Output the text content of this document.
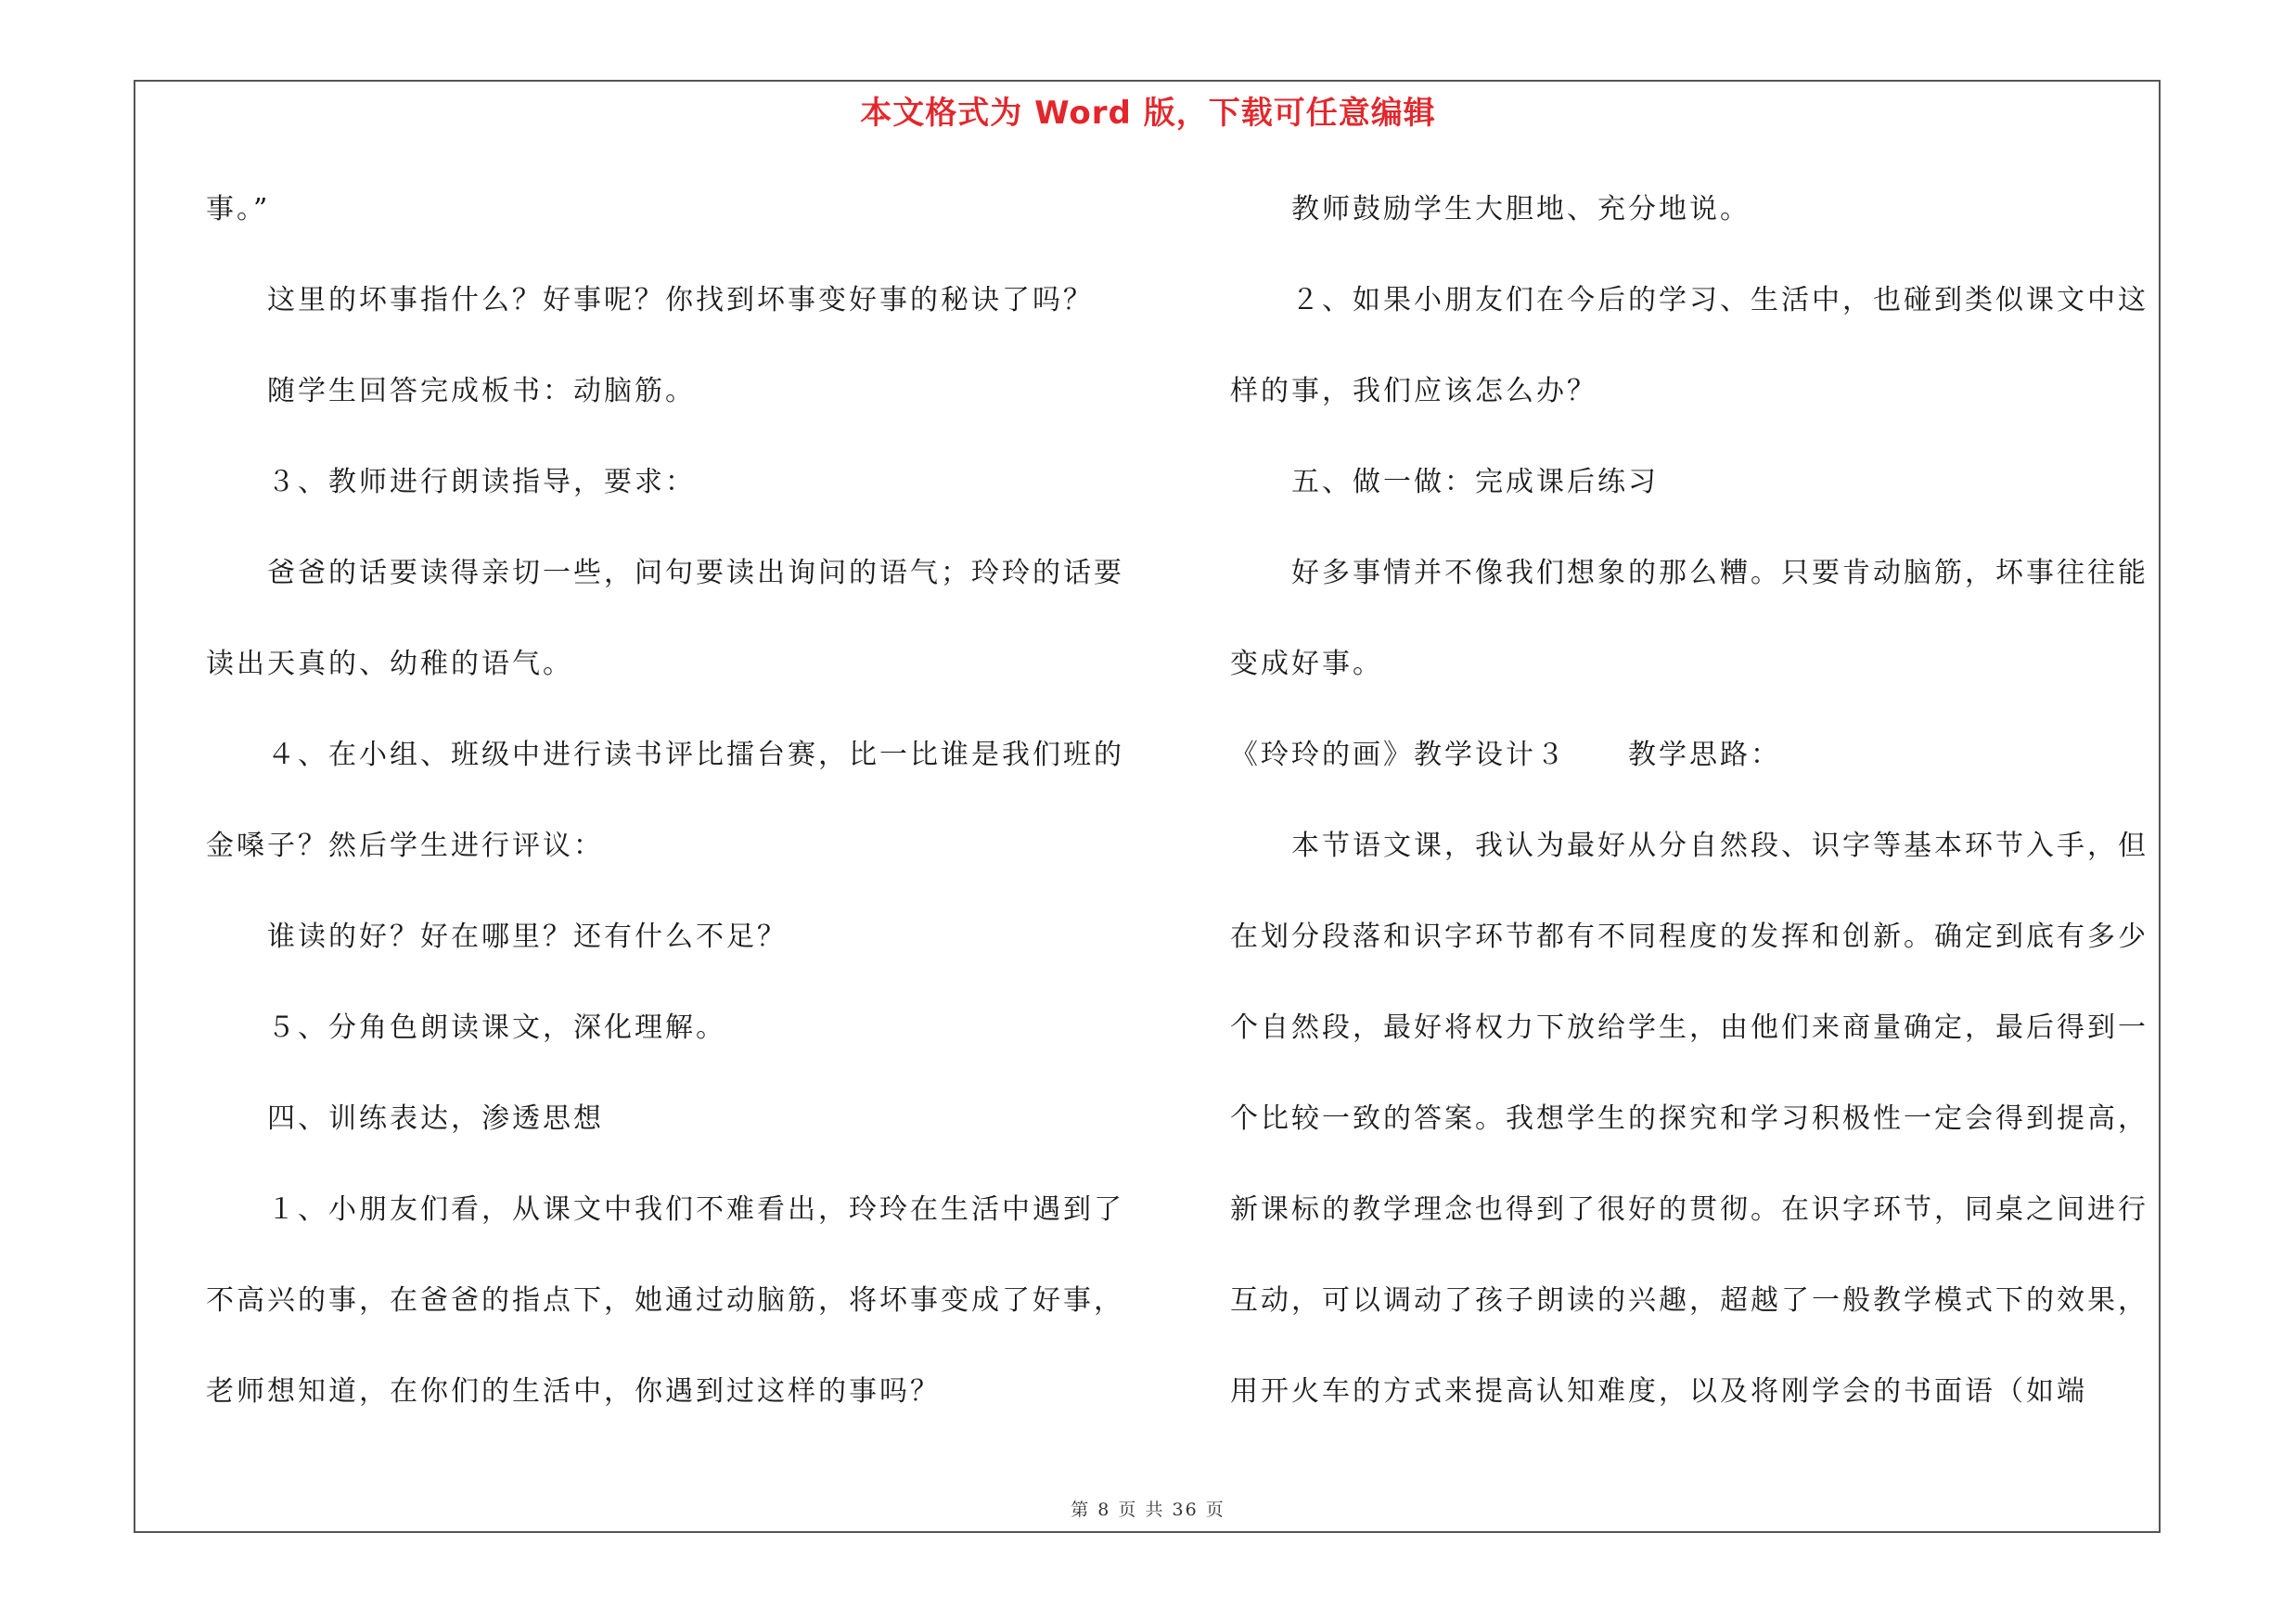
本文格式为 Word 版，下载可任意编辑
事。”
这里的坏事指什么？好事呢？你找到坏事变好事的秘诀了吗？
随学生回答完成板书：动脑筋。
３、教师进行朗读指导，要求：
爸爸的话要读得亲切一些，问句要读出询问的语气；玲玲的话要
读出天真的、幼稚的语气。
４、在小组、班级中进行读书评比擂台赛，比一比谁是我们班的
金嗓子？然后学生进行评议：
谁读的好？好在哪里？还有什么不足？
５、分角色朗读课文，深化理解。
四、训练表达，渗透思想
１、小朋友们看，从课文中我们不难看出，玲玲在生活中遇到了
不高兴的事，在爸爸的指点下，她通过动脑筋，将坏事变成了好事，
老师想知道，在你们的生活中，你遇到过这样的事吗？
教师鼓励学生大胆地、充分地说。
２、如果小朋友们在今后的学习、生活中，也碰到类似课文中这
样的事，我们应该怎么办？
五、做一做：完成课后练习
好多事情并不像我们想象的那么糟。只要肯动脑筋，坏事往往能
变成好事。
《玲玲的画》教学设计３　　教学思路：
本节语文课，我认为最好从分自然段、识字等基本环节入手，但
在划分段落和识字环节都有不同程度的发挥和创新。确定到底有多少
个自然段，最好将权力下放给学生，由他们来商量确定，最后得到一
个比较一致的答案。我想学生的探究和学习积极性一定会得到提高，
新课标的教学理念也得到了很好的贯彻。在识字环节，同桌之间进行
互动，可以调动了孩子朗读的兴趣，超越了一般教学模式下的效果，
用开火车的方式来提高认知难度，以及将刚学会的书面语（如端
第 8 页 共 36 页
